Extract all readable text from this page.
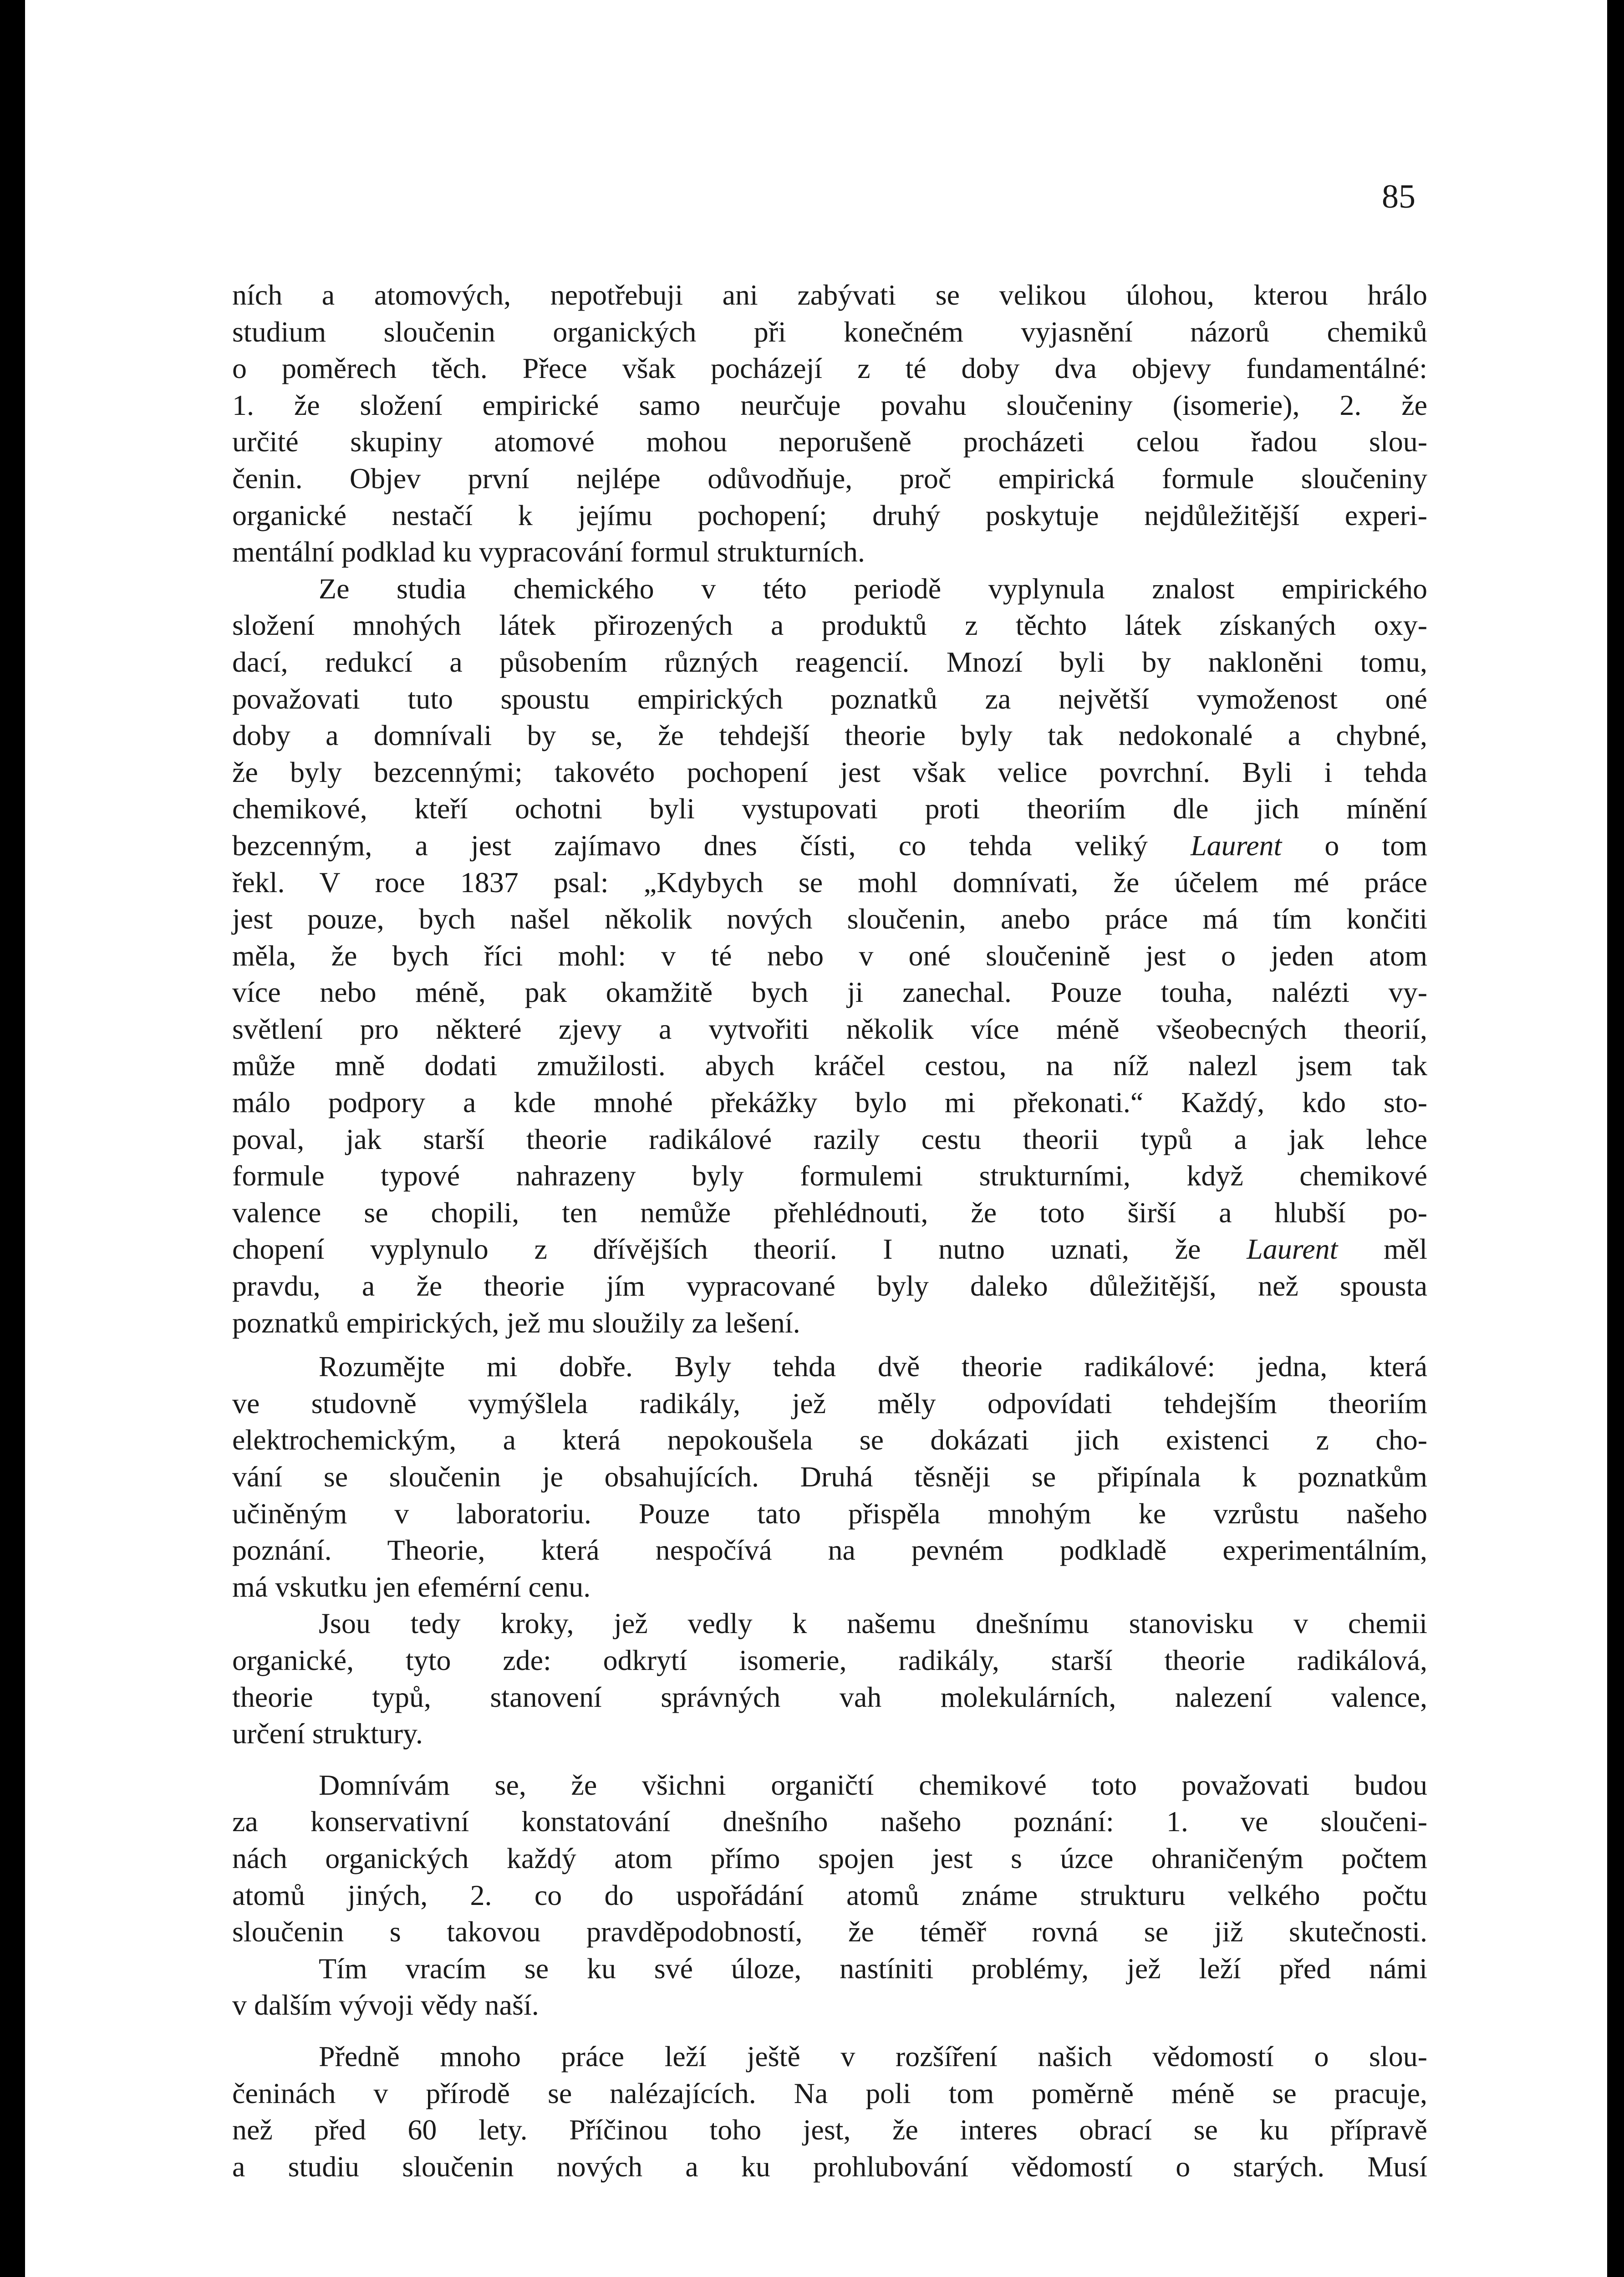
85
ních a atomových, nepotřebuji ani zabývati se velikou úlohou, kterou hrálo
studium sloučenin organických při konečném vyjasnění názorů chemiků
o poměrech těch. Přece však pocházejí z té doby dva objevy fundamentálné:
1. že složení empirické samo neurčuje povahu sloučeniny (isomerie), 2. že
určité skupiny atomové mohou neporušeně procházeti celou řadou slou-
čenin. Objev první nejlépe odůvodňuje, proč empirická formule sloučeniny
organické nestačí k jejímu pochopení; druhý poskytuje nejdůležitější experi-
mentální podklad ku vypracování formul strukturních.
Ze studia chemického v této periodě vyplynula znalost empirického
složení mnohých látek přirozených a produktů z těchto látek získaných oxy-
dací, redukcí a působením různých reagencií. Mnozí byli by nakloněni tomu,
považovati tuto spoustu empirických poznatků za největší vymoženost oné
doby a domnívali by se, že tehdejší theorie byly tak nedokonalé a chybné,
že byly bezcennými; takovéto pochopení jest však velice povrchní. Byli i tehda
chemikové, kteří ochotni byli vystupovati proti theoriím dle jich mínění
bezcenným, a jest zajímavo dnes čísti, co tehda veliký Laurent o tom
řekl. V roce 1837 psal: „Kdybych se mohl domnívati, že účelem mé práce
jest pouze, bych našel několik nových sloučenin, anebo práce má tím končiti
měla, že bych říci mohl: v té nebo v oné sloučenině jest o jeden atom
více nebo méně, pak okamžitě bych ji zanechal. Pouze touha, nalézti vy-
světlení pro některé zjevy a vytvořiti několik více méně všeobecných theorií,
může mně dodati zmužilosti. abych kráčel cestou, na níž nalezl jsem tak
málo podpory a kde mnohé překážky bylo mi překonati.“ Každý, kdo sto-
poval, jak starší theorie radikálové razily cestu theorii typů a jak lehce
formule typové nahrazeny byly formulemi strukturními, když chemikové
valence se chopili, ten nemůže přehlédnouti, že toto širší a hlubší po-
chopení vyplynulo z dřívějších theorií. I nutno uznati, že Laurent měl
pravdu, a že theorie jím vypracované byly daleko důležitější, než spousta
poznatků empirických, jež mu sloužily za lešení.
Rozumějte mi dobře. Byly tehda dvě theorie radikálové: jedna, která
ve studovně vymýšlela radikály, jež měly odpovídati tehdejším theoriím
elektrochemickým, a která nepokoušela se dokázati jich existenci z cho-
vání se sloučenin je obsahujících. Druhá těsněji se připínala k poznatkům
učiněným v laboratoriu. Pouze tato přispěla mnohým ke vzrůstu našeho
poznání. Theorie, která nespočívá na pevném podkladě experimentálním,
má vskutku jen efemérní cenu.
Jsou tedy kroky, jež vedly k našemu dnešnímu stanovisku v chemii
organické, tyto zde: odkrytí isomerie, radikály, starší theorie radikálová,
theorie typů, stanovení správných vah molekulárních, nalezení valence,
určení struktury.
Domnívám se, že všichni organičtí chemikové toto považovati budou
za konservativní konstatování dnešního našeho poznání: 1. ve sloučeni-
nách organických každý atom přímo spojen jest s úzce ohraničeným počtem
atomů jiných, 2. co do uspořádání atomů známe strukturu velkého počtu
sloučenin s takovou pravděpodobností, že téměř rovná se již skutečnosti.
Tím vracím se ku své úloze, nastíniti problémy, jež leží před námi
v dalším vývoji vědy naší.
Předně mnoho práce leží ještě v rozšíření našich vědomostí o slou-
čeninách v přírodě se nalézajících. Na poli tom poměrně méně se pracuje,
než před 60 lety. Příčinou toho jest, že interes obrací se ku přípravě
a studiu sloučenin nových a ku prohlubování vědomostí o starých. Musí
